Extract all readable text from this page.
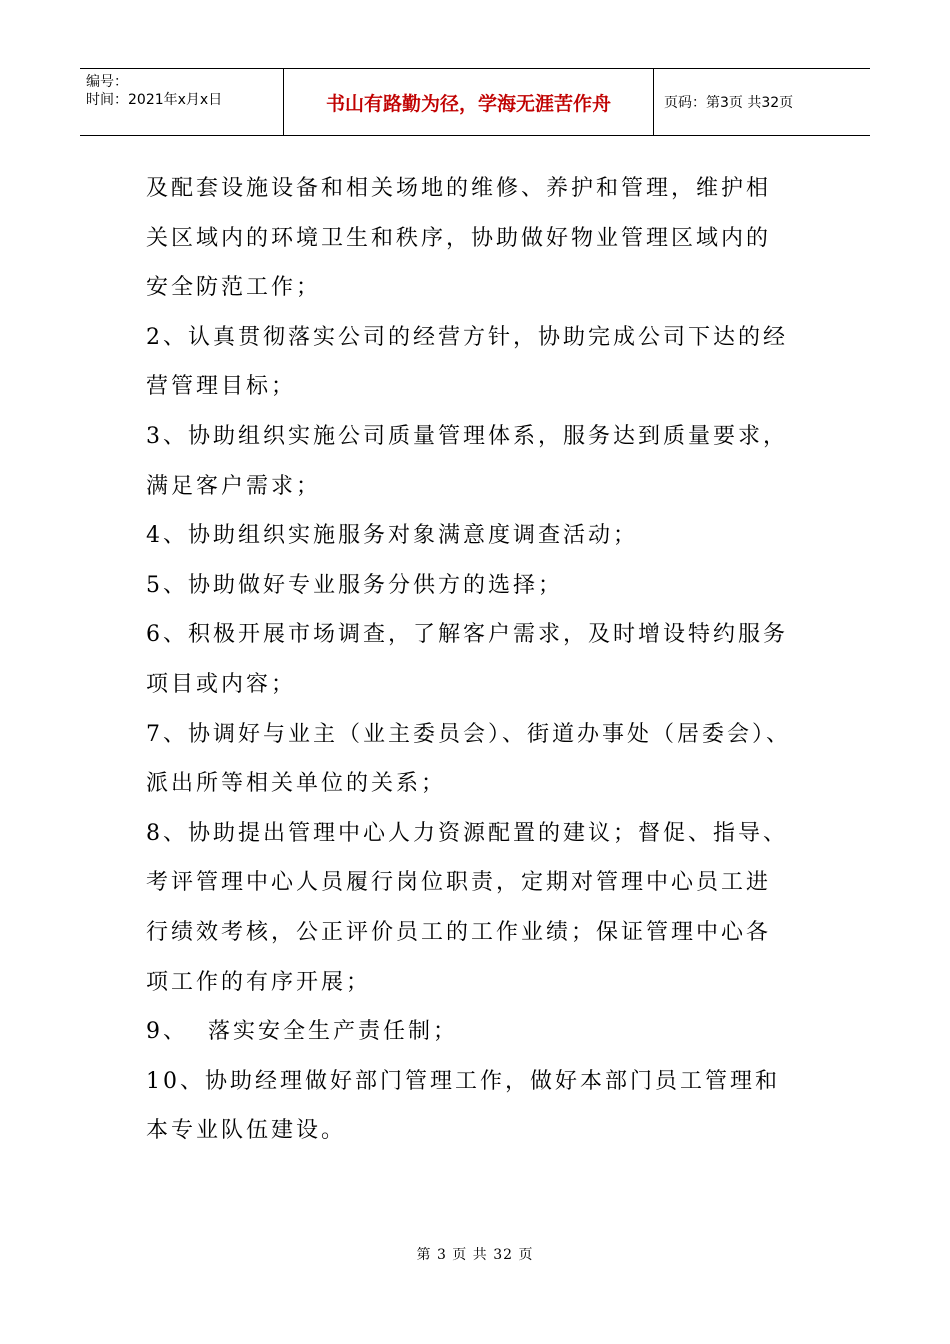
编号：
时间：2021年x月x日	书山有路勤为径，学海无涯苦作舟	页码：第3页 共32页

及配套设施设备和相关场地的维修、养护和管理，维护相
关区域内的环境卫生和秩序，协助做好物业管理区域内的
安全防范工作；

2、认真贯彻落实公司的经营方针，协助完成公司下达的经
营管理目标；

3、协助组织实施公司质量管理体系，服务达到质量要求，
满足客户需求；

4、协助组织实施服务对象满意度调查活动；

5、协助做好专业服务分供方的选择；

6、积极开展市场调查，了解客户需求，及时增设特约服务
项目或内容；

7、协调好与业主（业主委员会）、街道办事处（居委会）、
派出所等相关单位的关系；

8、协助提出管理中心人力资源配置的建议；督促、指导、
考评管理中心人员履行岗位职责，定期对管理中心员工进
行绩效考核，公正评价员工的工作业绩；保证管理中心各
项工作的有序开展；

9、  落实安全生产责任制；

10、协助经理做好部门管理工作，做好本部门员工管理和
本专业队伍建设。

第 3 页 共 32 页
